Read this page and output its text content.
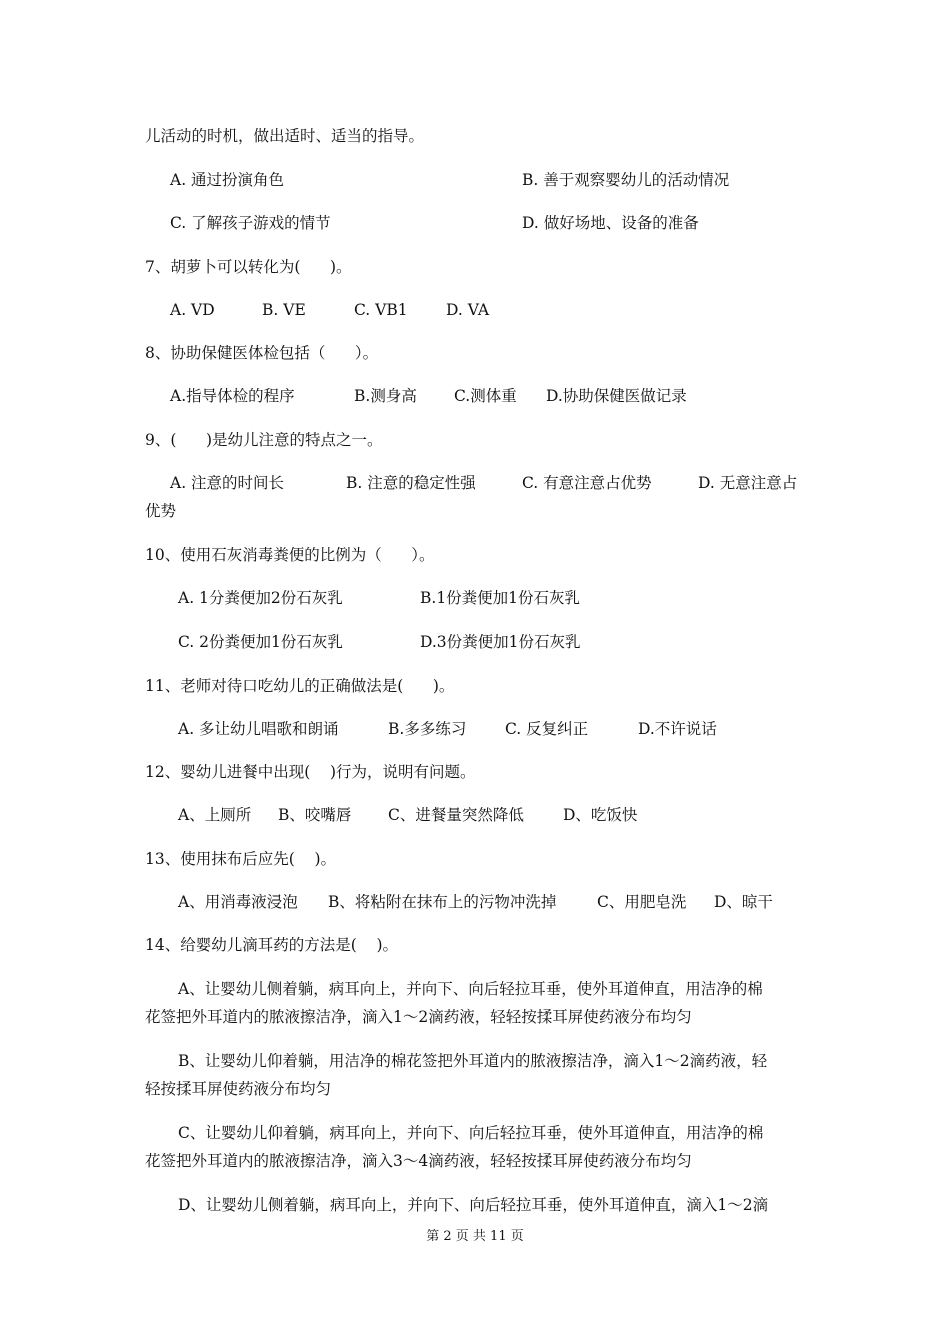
儿活动的时机，做出适时、适当的指导。
A. 通过扮演角色	B. 善于观察婴幼儿的活动情况
C. 了解孩子游戏的情节	D. 做好场地、设备的准备
7、胡萝卜可以转化为(      )。
A. VD	B. VE	C. VB1 D. VA
8、协助保健医体检包括（      ）。
A.指导体检的程序	B.测身高 C.测体重 D.协助保健医做记录
9、(      )是幼儿注意的特点之一。
A. 注意的时间长	B. 注意的稳定性强	C. 有意注意占优势	D. 无意注意占
优势
10、使用石灰消毒粪便的比例为（      ）。
A. 1分粪便加2份石灰乳	B.1份粪便加1份石灰乳
C. 2份粪便加1份石灰乳	D.3份粪便加1份石灰乳
11、老师对待口吃幼儿的正确做法是(      )。
A. 多让幼儿唱歌和朗诵	B.多多练习 C. 反复纠正	D.不许说话
12、婴幼儿进餐中出现(    )行为，说明有问题。
A、上厕所 B、咬嘴唇 C、进餐量突然降低	D、吃饭快
13、使用抹布后应先(    )。
A、用消毒液浸泡 B、将粘附在抹布上的污物冲洗掉	C、用肥皂洗 D、晾干
14、给婴幼儿滴耳药的方法是(    )。
A、让婴幼儿侧着躺，病耳向上，并向下、向后轻拉耳垂，使外耳道伸直，用洁净的棉
花签把外耳道内的脓液擦洁净，滴入1～2滴药液，轻轻按揉耳屏使药液分布均匀
B、让婴幼儿仰着躺，用洁净的棉花签把外耳道内的脓液擦洁净，滴入1～2滴药液，轻
轻按揉耳屏使药液分布均匀
C、让婴幼儿仰着躺，病耳向上，并向下、向后轻拉耳垂，使外耳道伸直，用洁净的棉
花签把外耳道内的脓液擦洁净，滴入3～4滴药液，轻轻按揉耳屏使药液分布均匀
D、让婴幼儿侧着躺，病耳向上，并向下、向后轻拉耳垂，使外耳道伸直，滴入1～2滴
第 2 页 共 11 页
